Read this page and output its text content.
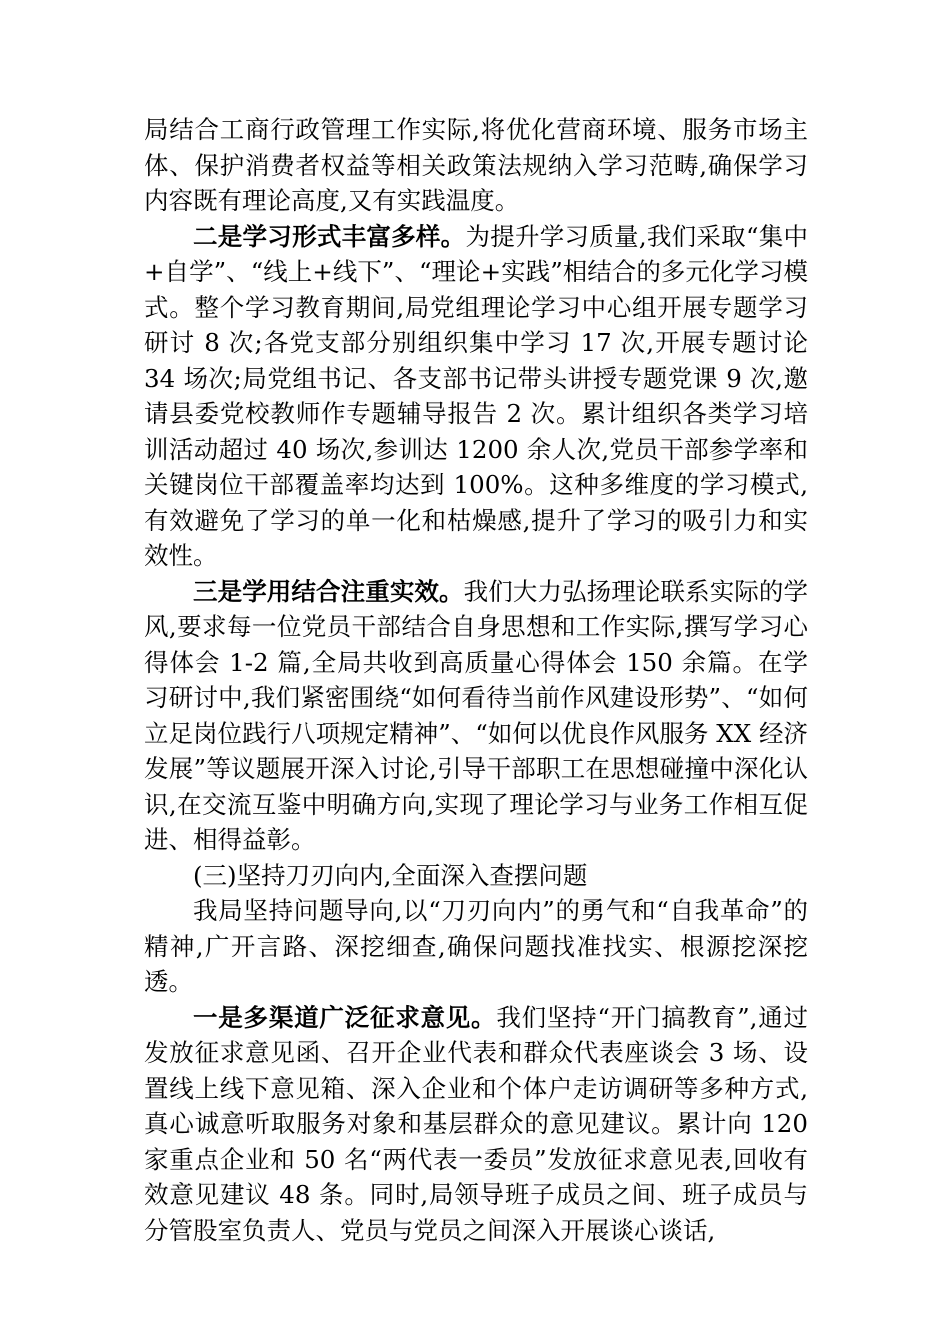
局结合工商行政管理工作实际,将优化营商环境、服务市场主体、保护消费者权益等相关政策法规纳入学习范畴,确保学习内容既有理论高度,又有实践温度。

二是学习形式丰富多样。为提升学习质量,我们采取“集中+自学”、“线上+线下”、“理论+实践”相结合的多元化学习模式。整个学习教育期间,局党组理论学习中心组开展专题学习研讨 8 次;各党支部分别组织集中学习 17 次,开展专题讨论 34 场次;局党组书记、各支部书记带头讲授专题党课 9 次,邀请县委党校教师作专题辅导报告 2 次。累计组织各类学习培训活动超过 40 场次,参训达 1200 余人次,党员干部参学率和关键岗位干部覆盖率均达到 100%。这种多维度的学习模式,有效避免了学习的单一化和枯燥感,提升了学习的吸引力和实效性。

三是学用结合注重实效。我们大力弘扬理论联系实际的学风,要求每一位党员干部结合自身思想和工作实际,撰写学习心得体会 1-2 篇,全局共收到高质量心得体会 150 余篇。在学习研讨中,我们紧密围绕“如何看待当前作风建设形势”、“如何立足岗位践行八项规定精神”、“如何以优良作风服务 XX 经济发展”等议题展开深入讨论,引导干部职工在思想碰撞中深化认识,在交流互鉴中明确方向,实现了理论学习与业务工作相互促进、相得益彰。

(三)坚持刀刃向内,全面深入查摆问题

我局坚持问题导向,以“刀刃向内”的勇气和“自我革命”的精神,广开言路、深挖细查,确保问题找准找实、根源挖深挖透。

一是多渠道广泛征求意见。我们坚持“开门搞教育”,通过发放征求意见函、召开企业代表和群众代表座谈会 3 场、设置线上线下意见箱、深入企业和个体户走访调研等多种方式,真心诚意听取服务对象和基层群众的意见建议。累计向 120 家重点企业和 50 名“两代表一委员”发放征求意见表,回收有效意见建议 48 条。同时,局领导班子成员之间、班子成员与分管股室负责人、党员与党员之间深入开展谈心谈话,
